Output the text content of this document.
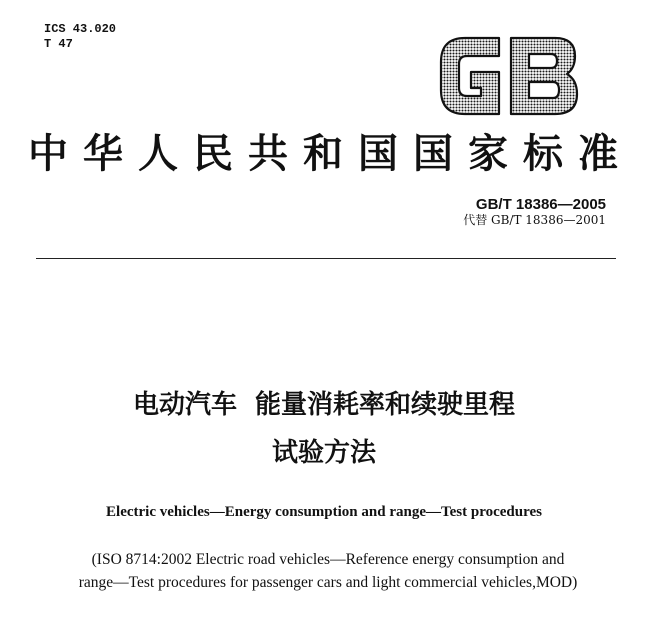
ICS 43.020
T 47
中华人民共和国国家标准
GB/T 18386—2005
代替 GB/T 18386—2001
电动汽车  能量消耗率和续驶里程
试验方法
Electric vehicles—Energy consumption and range—Test procedures
(ISO 8714:2002 Electric road vehicles—Reference energy consumption and
range—Test procedures for passenger cars and light commercial vehicles,MOD)
